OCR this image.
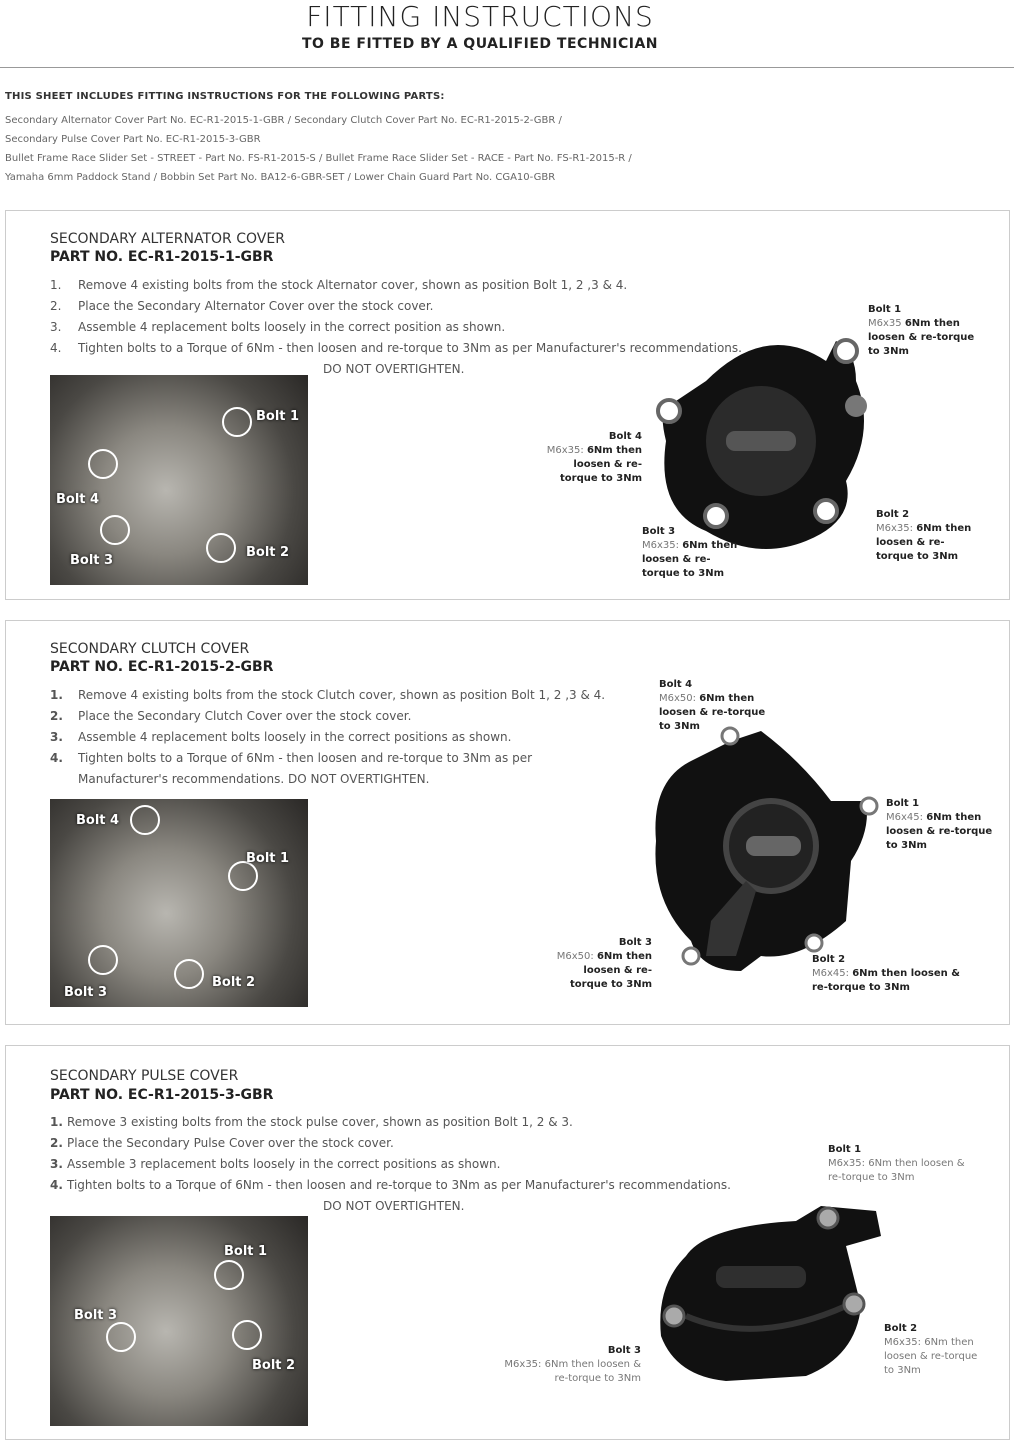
FITTING INSTRUCTIONS
TO BE FITTED BY A QUALIFIED TECHNICIAN
THIS SHEET INCLUDES FITTING INSTRUCTIONS FOR THE FOLLOWING PARTS:
Secondary Alternator Cover Part No. EC-R1-2015-1-GBR / Secondary Clutch Cover Part No. EC-R1-2015-2-GBR /
Secondary Pulse Cover Part No. EC-R1-2015-3-GBR
Bullet Frame Race Slider Set - STREET - Part No. FS-R1-2015-S / Bullet Frame Race Slider Set - RACE - Part No. FS-R1-2015-R /
Yamaha 6mm Paddock Stand / Bobbin Set Part No. BA12-6-GBR-SET / Lower Chain Guard Part No. CGA10-GBR
SECONDARY ALTERNATOR COVER
PART NO. EC-R1-2015-1-GBR
1. Remove 4 existing bolts from the stock Alternator cover, shown as position Bolt 1, 2 ,3 & 4.
2. Place the Secondary Alternator Cover over the stock cover.
3. Assemble 4 replacement bolts loosely in the correct position as shown.
4. Tighten bolts to a Torque of 6Nm - then loosen and re-torque to 3Nm as per Manufacturer's recommendations.
DO NOT OVERTIGHTEN.
Bolt 1
Bolt 2
Bolt 3
Bolt 4
Bolt 1
M6x35 6Nm then loosen & re-torque to 3Nm
Bolt 2
M6x35: 6Nm then loosen & re-torque to 3Nm
Bolt 3
M6x35: 6Nm then loosen & re-torque to 3Nm
Bolt 4
M6x35: 6Nm then loosen & re-torque to 3Nm
SECONDARY CLUTCH COVER
PART NO. EC-R1-2015-2-GBR
1. Remove 4 existing bolts from the stock Clutch cover, shown as position Bolt 1, 2 ,3 & 4.
2. Place the Secondary Clutch Cover over the stock cover.
3. Assemble 4 replacement bolts loosely in the correct positions as shown.
4. Tighten bolts to a Torque of 6Nm - then loosen and re-torque to 3Nm as per
Manufacturer's recommendations. DO NOT OVERTIGHTEN.
Bolt 1
Bolt 2
Bolt 3
Bolt 4
Bolt 1
M6x45: 6Nm then loosen & re-torque to 3Nm
Bolt 2
M6x45: 6Nm then loosen & re-torque to 3Nm
Bolt 3
M6x50: 6Nm then loosen & re-torque to 3Nm
Bolt 4
M6x50: 6Nm then loosen & re-torque to 3Nm
SECONDARY PULSE COVER
PART NO. EC-R1-2015-3-GBR
1. Remove 3 existing bolts from the stock pulse cover, shown as position Bolt 1, 2 & 3.
2. Place the Secondary Pulse Cover over the stock cover.
3. Assemble 3 replacement bolts loosely in the correct positions as shown.
4. Tighten bolts to a Torque of 6Nm - then loosen and re-torque to 3Nm as per Manufacturer's recommendations.
DO NOT OVERTIGHTEN.
Bolt 1
Bolt 2
Bolt 3
Bolt 1
M6x35: 6Nm then loosen & re-torque to 3Nm
Bolt 2
M6x35: 6Nm then loosen & re-torque to 3Nm
Bolt 3
M6x35: 6Nm then loosen & re-torque to 3Nm
